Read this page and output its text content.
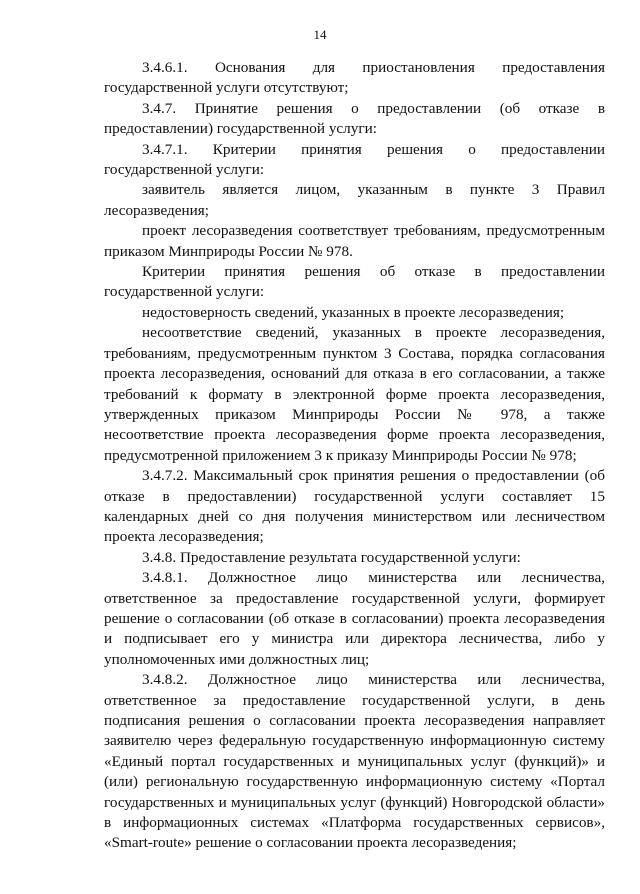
14

3.4.6.1. Основания для приостановления предоставления государственной услуги отсутствуют;

3.4.7. Принятие решения о предоставлении (об отказе в предоставлении) государственной услуги:

3.4.7.1. Критерии принятия решения о предоставлении государственной услуги:

заявитель является лицом, указанным в пункте 3 Правил лесоразведения;

проект лесоразведения соответствует требованиям, предусмотренным приказом Минприроды России № 978.

Критерии принятия решения об отказе в предоставлении государственной услуги:

недостоверность сведений, указанных в проекте лесоразведения;

несоответствие сведений, указанных в проекте лесоразведения, требованиям, предусмотренным пунктом 3 Состава, порядка согласования проекта лесоразведения, оснований для отказа в его согласовании, а также требований к формату в электронной форме проекта лесоразведения, утвержденных приказом Минприроды России № 978, а также несоответствие проекта лесоразведения форме проекта лесоразведения, предусмотренной приложением 3 к приказу Минприроды России № 978;

3.4.7.2. Максимальный срок принятия решения о предоставлении (об отказе в предоставлении) государственной услуги составляет 15 календарных дней со дня получения министерством или лесничеством проекта лесоразведения;

3.4.8. Предоставление результата государственной услуги:

3.4.8.1. Должностное лицо министерства или лесничества, ответственное за предоставление государственной услуги, формирует решение о согласовании (об отказе в согласовании) проекта лесоразведения и подписывает его у министра или директора лесничества, либо у уполномоченных ими должностных лиц;

3.4.8.2. Должностное лицо министерства или лесничества, ответственное за предоставление государственной услуги, в день подписания решения о согласовании проекта лесоразведения направляет заявителю через федеральную государственную информационную систему «Единый портал государственных и муниципальных услуг (функций)» и (или) региональную государственную информационную систему «Портал государственных и муниципальных услуг (функций) Новгородской области» в информационных системах «Платформа государственных сервисов», «Smart-route» решение о согласовании проекта лесоразведения;
